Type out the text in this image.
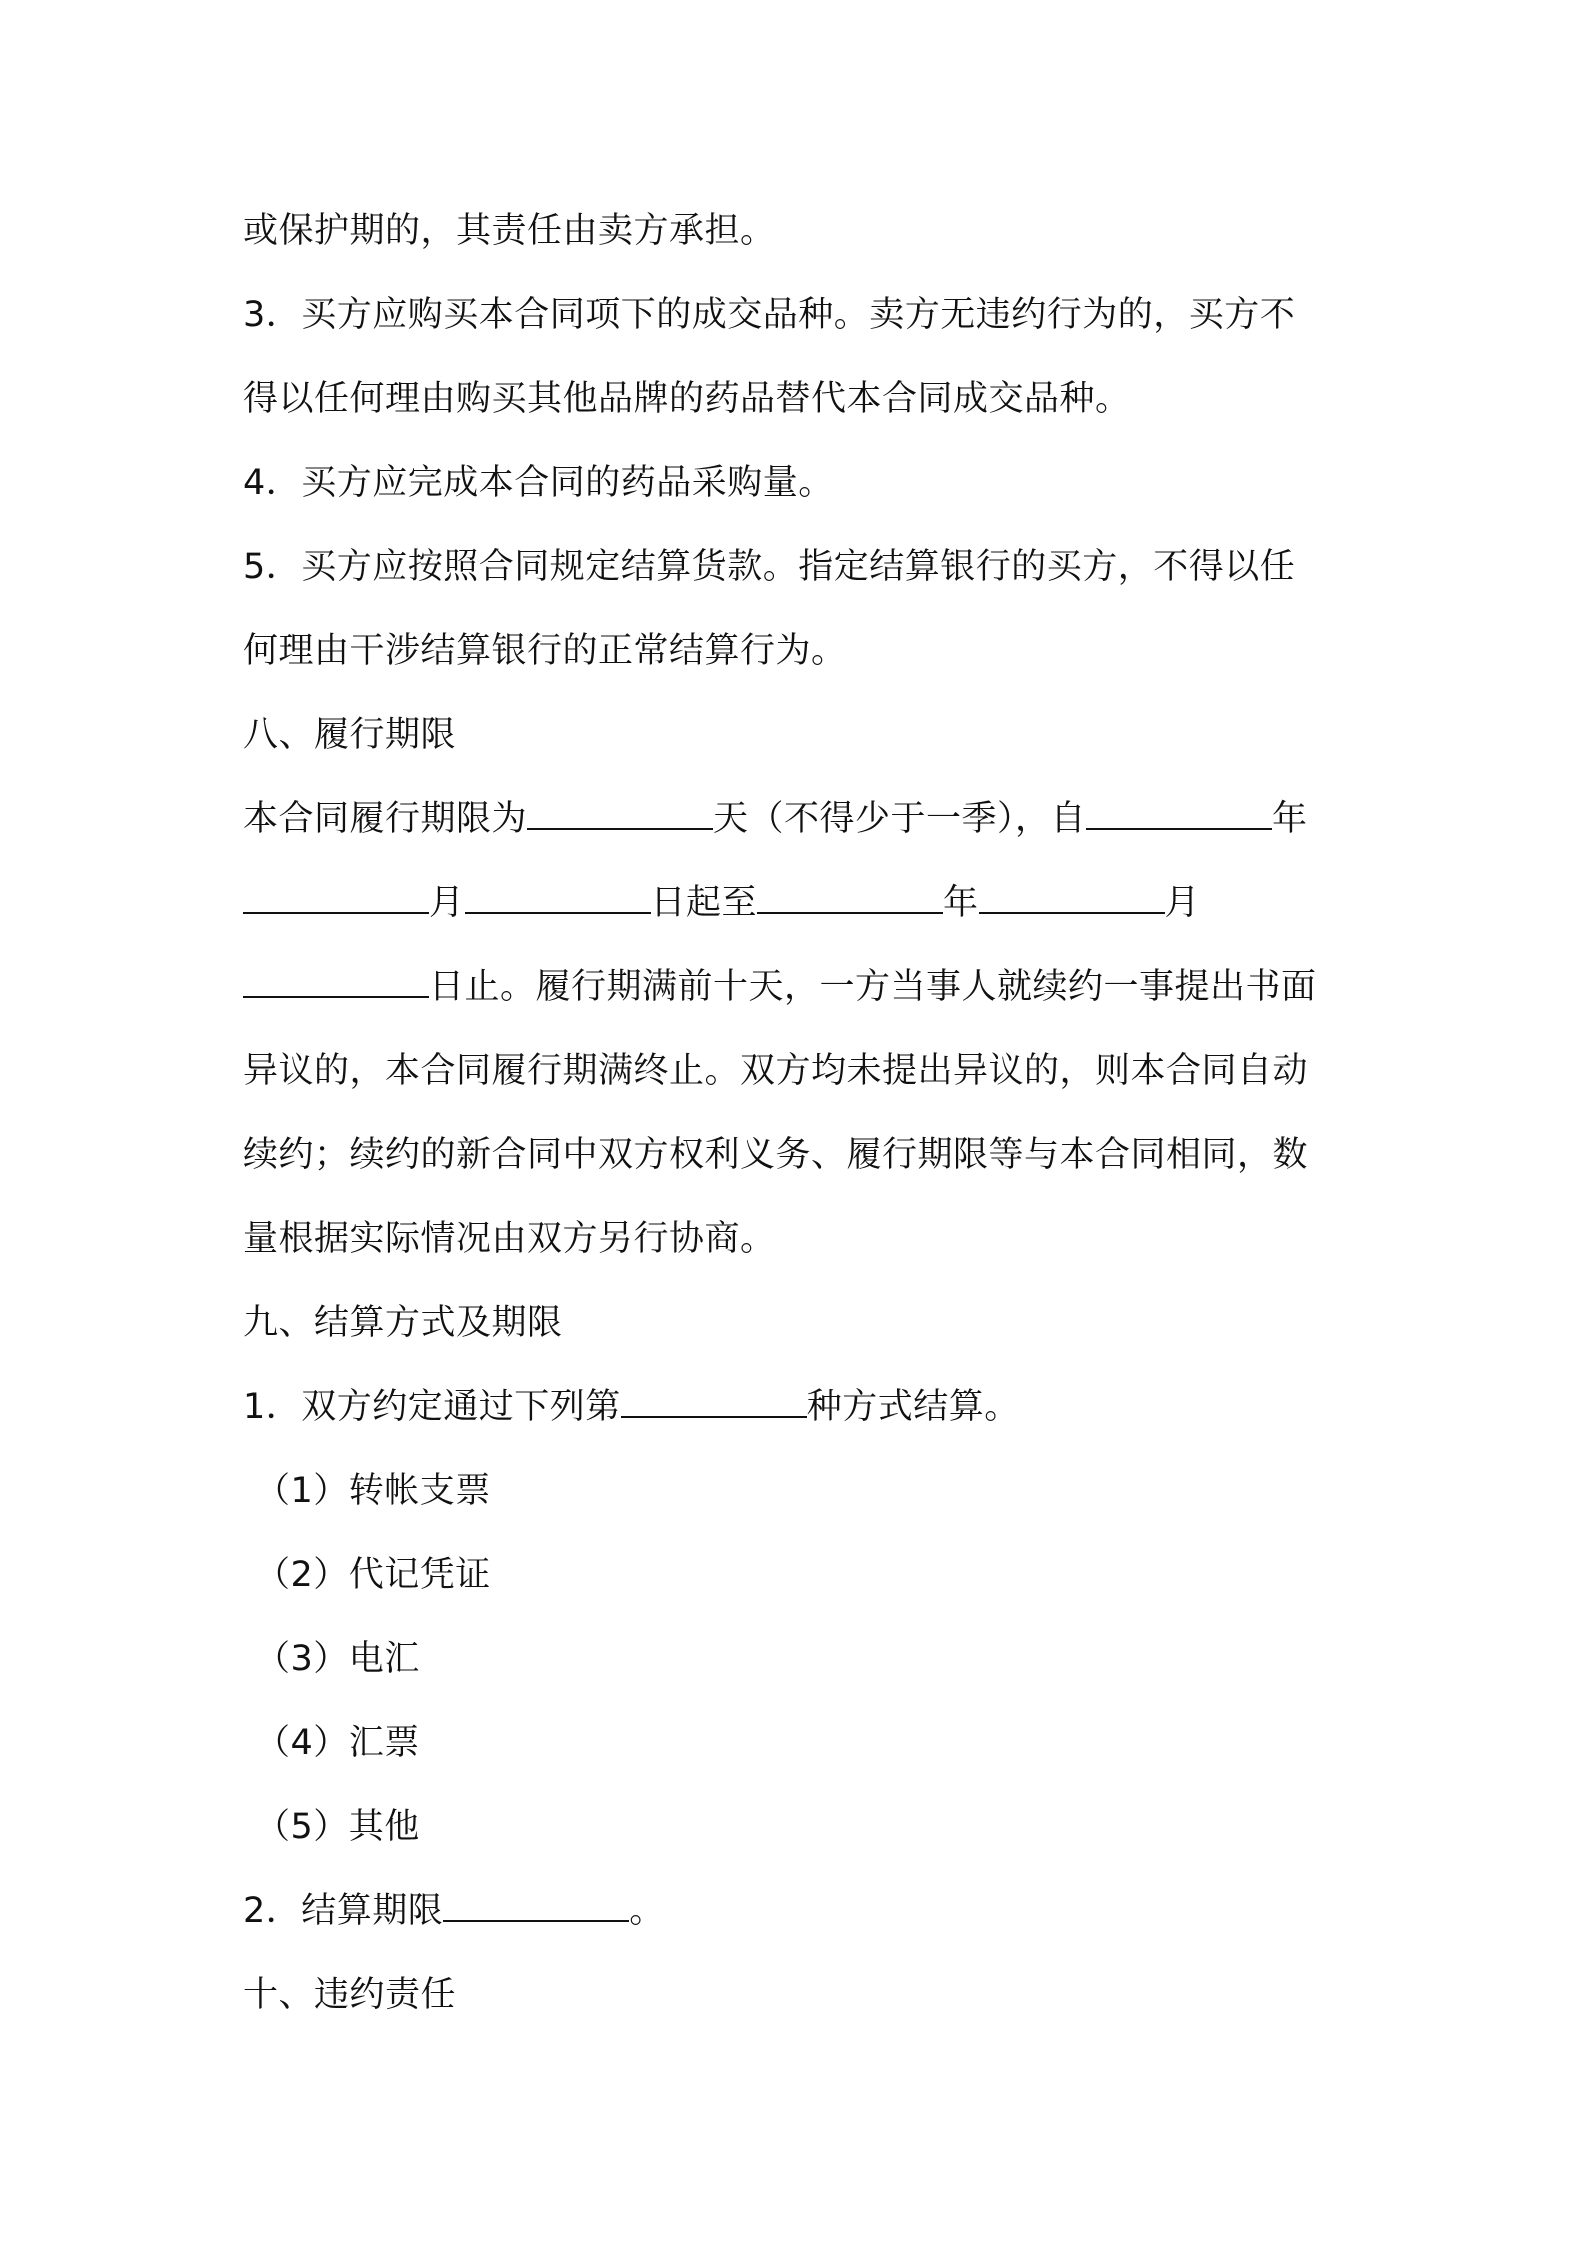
或保护期的，其责任由卖方承担。
3．买方应购买本合同项下的成交品种。卖方无违约行为的，买方不
得以任何理由购买其他品牌的药品替代本合同成交品种。
4．买方应完成本合同的药品采购量。
5．买方应按照合同规定结算货款。指定结算银行的买方，不得以任
何理由干涉结算银行的正常结算行为。
八、履行期限
本合同履行期限为	天（不得少于一季），自	年
月	日起至	年	月
日止。履行期满前十天，一方当事人就续约一事提出书面
异议的，本合同履行期满终止。双方均未提出异议的，则本合同自动
续约；续约的新合同中双方权利义务、履行期限等与本合同相同，数
量根据实际情况由双方另行协商。
九、结算方式及期限
1．双方约定通过下列第	种方式结算。
（1）转帐支票
（2）代记凭证
（3）电汇
（4）汇票
（5）其他
2．结算期限	。
十、违约责任
